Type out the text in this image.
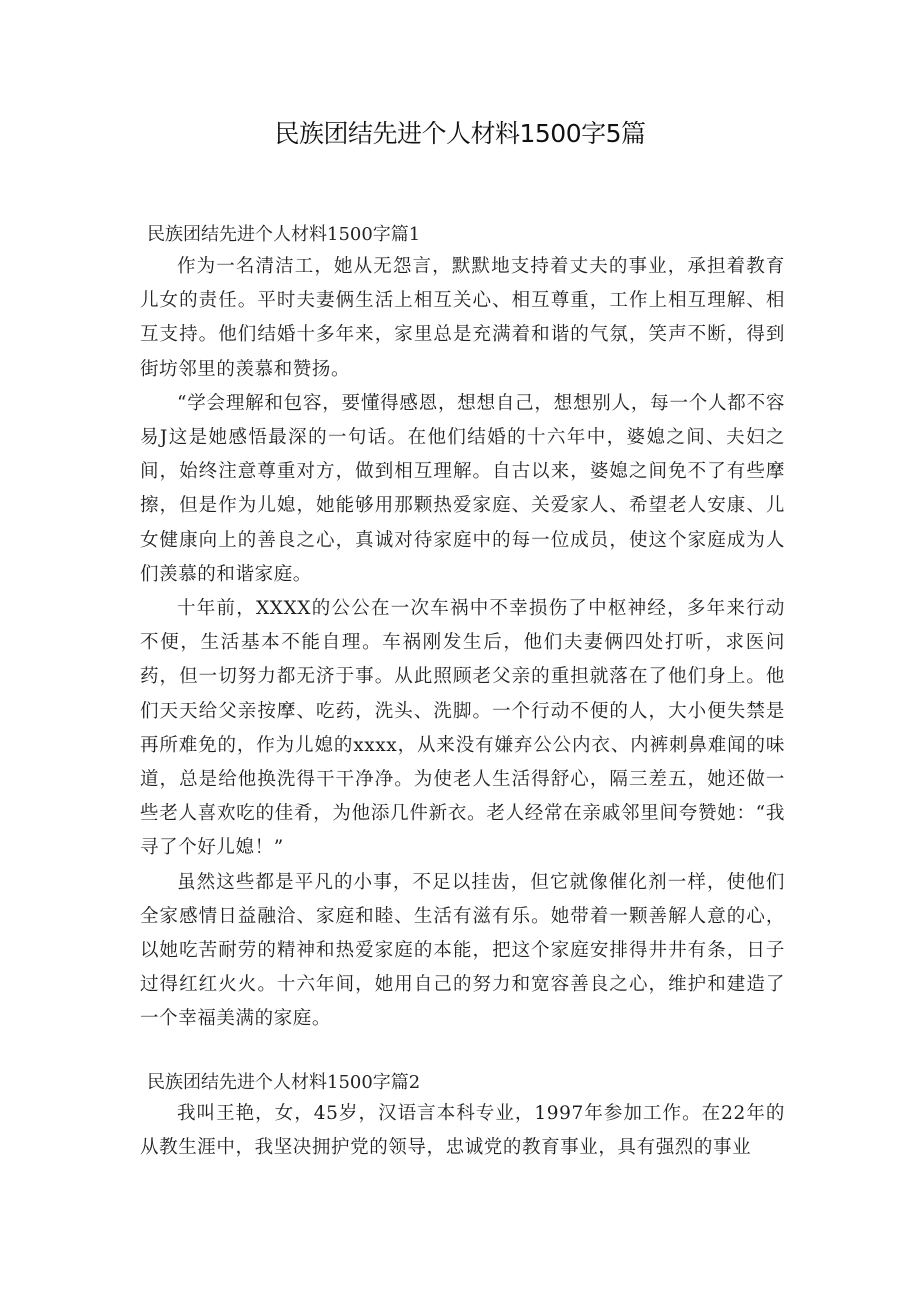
民族团结先进个人材料1500字5篇
民族团结先进个人材料1500字篇1

作为一名清洁工，她从无怨言，默默地支持着丈夫的事业，承担着教育儿女的责任。平时夫妻俩生活上相互关心、相互尊重，工作上相互理解、相互支持。他们结婚十多年来，家里总是充满着和谐的气氛，笑声不断，得到街坊邻里的羡慕和赞扬。

“学会理解和包容，要懂得感恩，想想自己，想想别人，每一个人都不容易J这是她感悟最深的一句话。在他们结婚的十六年中，婆媳之间、夫妇之间，始终注意尊重对方，做到相互理解。自古以来，婆媳之间免不了有些摩擦，但是作为儿媳，她能够用那颗热爱家庭、关爱家人、希望老人安康、儿女健康向上的善良之心，真诚对待家庭中的每一位成员，使这个家庭成为人们羡慕的和谐家庭。

十年前，XXXX的公公在一次车祸中不幸损伤了中枢神经，多年来行动不便，生活基本不能自理。车祸刚发生后，他们夫妻俩四处打听，求医问药，但一切努力都无济于事。从此照顾老父亲的重担就落在了他们身上。他们天天给父亲按摩、吃药，洗头、洗脚。一个行动不便的人，大小便失禁是再所难免的，作为儿媳的xxxx，从来没有嫌弃公公内衣、内裤刺鼻难闻的味道，总是给他换洗得干干净净。为使老人生活得舒心，隔三差五，她还做一些老人喜欢吃的佳肴，为他添几件新衣。老人经常在亲戚邻里间夸赞她：“我寻了个好儿媳！”

虽然这些都是平凡的小事，不足以挂齿，但它就像催化剂一样，使他们全家感情日益融洽、家庭和睦、生活有滋有乐。她带着一颗善解人意的心，以她吃苦耐劳的精神和热爱家庭的本能，把这个家庭安排得井井有条，日子过得红红火火。十六年间，她用自己的努力和宽容善良之心，维护和建造了一个幸福美满的家庭。

民族团结先进个人材料1500字篇2

我叫王艳，女，45岁，汉语言本科专业，1997年参加工作。在22年的从教生涯中，我坚决拥护党的领导，忠诚党的教育事业，具有强烈的事业
